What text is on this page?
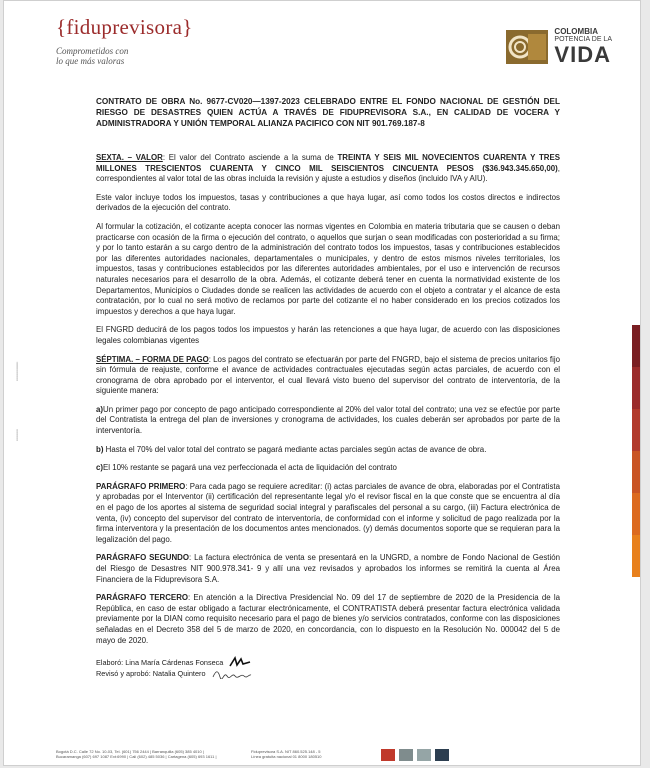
{fiduprevisora}
Comprometidos con
lo que más valoras
COLOMBIA
POTENCIA DE LA
VIDA
▪▪▪▪▪▪▪▪▪▪▪▪▪▪▪▪▪▪
▪▪▪▪▪▪▪▪▪▪▪

CONTRATO DE OBRA No. 9677-CV020—1397-2023 CELEBRADO ENTRE EL FONDO NACIONAL DE GESTIÓN DEL RIESGO DE DESASTRES QUIEN ACTÚA A TRAVÉS DE FIDUPREVISORA S.A., EN CALIDAD DE VOCERA Y ADMINISTRADORA Y UNIÓN TEMPORAL ALIANZA PACIFICO CON NIT 901.769.187-8

SEXTA. – VALOR: El valor del Contrato asciende a la suma de TREINTA Y SEIS MIL NOVECIENTOS CUARENTA Y TRES MILLONES TRESCIENTOS CUARENTA Y CINCO MIL SEISCIENTOS CINCUENTA PESOS ($36.943.345.650,00), correspondientes al valor total de las obras incluida la revisión y ajuste a estudios y diseños (incluido IVA y AIU).

Este valor incluye todos los impuestos, tasas y contribuciones a que haya lugar, así como todos los costos directos e indirectos derivados de la ejecución del contrato.

Al formular la cotización, el cotizante acepta conocer las normas vigentes en Colombia en materia tributaria que se causen o deban practicarse con ocasión de la firma o ejecución del contrato, o aquellos que surjan o sean modificadas con posterioridad a su firma; y por lo tanto estarán a su cargo dentro de la administración del contrato todos los impuestos, tasas y contribuciones establecidos por las diferentes autoridades nacionales, departamentales o municipales, y dentro de estos mismos niveles territoriales, los impuestos, tasas y contribuciones establecidos por las diferentes autoridades ambientales, por el uso e intervención de recursos naturales necesarios para el desarrollo de la obra. Además, el cotizante deberá tener en cuenta la normatividad existente de los Departamentos, Municipios o Ciudades donde se realicen las actividades de acuerdo con el objeto a contratar y el alcance de esta contratación, por lo cual no será motivo de reclamos por parte del cotizante el no haber considerado en los precios cotizados los impuestos y derechos a que haya lugar.

El FNGRD deducirá de los pagos todos los impuestos y harán las retenciones a que haya lugar, de acuerdo con las disposiciones legales colombianas vigentes

SÉPTIMA. – FORMA DE PAGO: Los pagos del contrato se efectuarán por parte del FNGRD, bajo el sistema de precios unitarios fijo sin fórmula de reajuste, conforme el avance de actividades contractuales ejecutadas según actas parciales, de acuerdo con el cronograma de obra aprobado por el interventor, el cual llevará visto bueno del supervisor del contrato de interventoría, de la siguiente manera:

a)Un primer pago por concepto de pago anticipado correspondiente al 20% del valor total del contrato; una vez se efectúe por parte del Contratista la entrega del plan de inversiones y cronograma de actividades, los cuales deberán ser aprobados por parte de la interventoría.

b) Hasta el 70% del valor total del contrato se pagará mediante actas parciales según actas de avance de obra.

c)El 10% restante se pagará una vez perfeccionada el acta de liquidación del contrato

PARÁGRAFO PRIMERO: Para cada pago se requiere acreditar: (i) actas parciales de avance de obra, elaboradas por el Contratista y aprobadas por el Interventor (ii) certificación del representante legal y/o el revisor fiscal en la que conste que se encuentra al día en el pago de los aportes al sistema de seguridad social integral y parafiscales del personal a su cargo, (iii) Factura electrónica de venta, (iv) concepto del supervisor del contrato de interventoría, de conformidad con el informe y solicitud de pago realizada por la firma interventora y la presentación de los documentos antes mencionados. (y) demás documentos soporte que se requieran para la legalización del pago.

PARÁGRAFO SEGUNDO: La factura electrónica de venta se presentará en la UNGRD, a nombre de Fondo Nacional de Gestión del Riesgo de Desastres NIT 900.978.341- 9 y allí una vez revisados y aprobados los informes se remitirá la cuenta al Área Financiera de la Fiduprevisora S.A.

PARÁGRAFO TERCERO: En atención a la Directiva Presidencial No. 09 del 17 de septiembre de 2020 de la Presidencia de la República, en caso de estar obligado a facturar electrónicamente, el CONTRATISTA deberá presentar factura electrónica validada previamente por la DIAN como requisito necesario para el pago de bienes y/o servicios contratados, conforme con las disposiciones señaladas en el Decreto 358 del 5 de marzo de 2020, en concordancia, con lo dispuesto en la Resolución No. 000042 del 5 de mayo de 2020.

Elaboró: Lina María Cárdenas Fonseca
Revisó y aprobó: Natalia Quintero
Bogotá D.C. Calle 72 No. 10-03, Tel. (601) 756 2444 | Barranquilla (605) 385 4010 |
Bucaramanga (607) 697 1087 Ext:6990 | Cali (602) 485 5036 | Cartagena (605) 693 1611 |
Fiduprevisora S.A. NIT 860.525.148 - 5
Línea gratuita nacional 01 8000 180510
